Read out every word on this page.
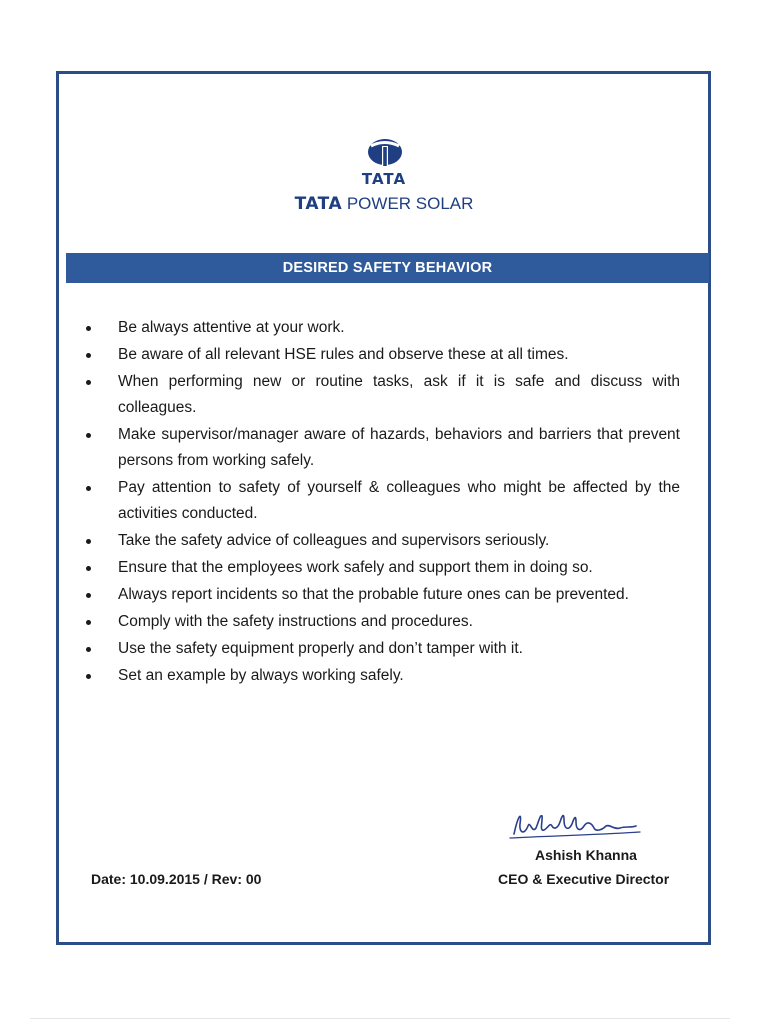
TATA
TATA POWER SOLAR
DESIRED SAFETY BEHAVIOR
Be always attentive at your work.
Be aware of all relevant HSE rules and observe these at all times.
When performing new or routine tasks, ask if it is safe and discuss with colleagues.
Make supervisor/manager aware of hazards, behaviors and barriers that prevent persons from working safely.
Pay attention to safety of yourself & colleagues who might be affected by the activities conducted.
Take the safety advice of colleagues and supervisors seriously.
Ensure that the employees work safely and support them in doing so.
Always report incidents so that the probable future ones can be prevented.
Comply with the safety instructions and procedures.
Use the safety equipment properly and don’t tamper with it.
Set an example by always working safely.
Ashish Khanna
CEO & Executive Director
Date: 10.09.2015 / Rev: 00
